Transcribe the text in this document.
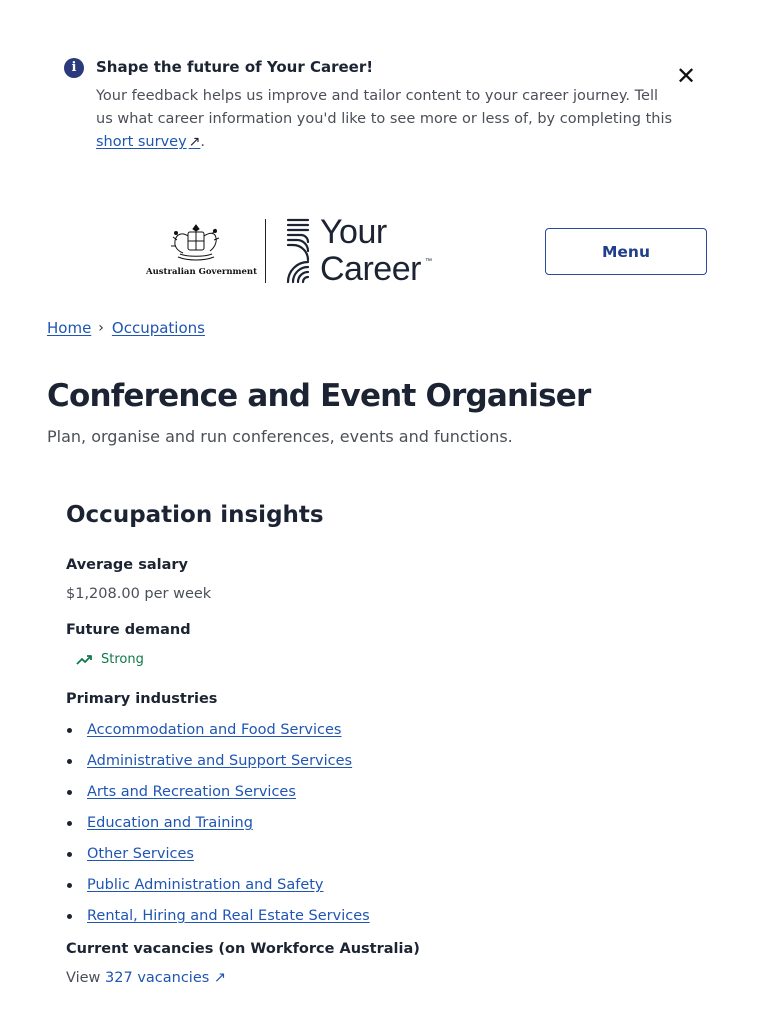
i	Shape the future of Your Career!
Your feedback helps us improve and tailor content to your career journey. Tell us what career information you'd like to see more or less of, by completing this short survey ↗.
✕
Australian Government
Your
Career ™
Menu
Home › Occupations
Conference and Event Organiser

Plan, organise and run conferences, events and functions.

Occupation insights
Average salary
$1,208.00 per week
Future demand
Strong
Primary industries
Accommodation and Food Services
Administrative and Support Services
Arts and Recreation Services
Education and Training
Other Services
Public Administration and Safety
Rental, Hiring and Real Estate Services
Current vacancies (on Workforce Australia)
View 327 vacancies ↗
